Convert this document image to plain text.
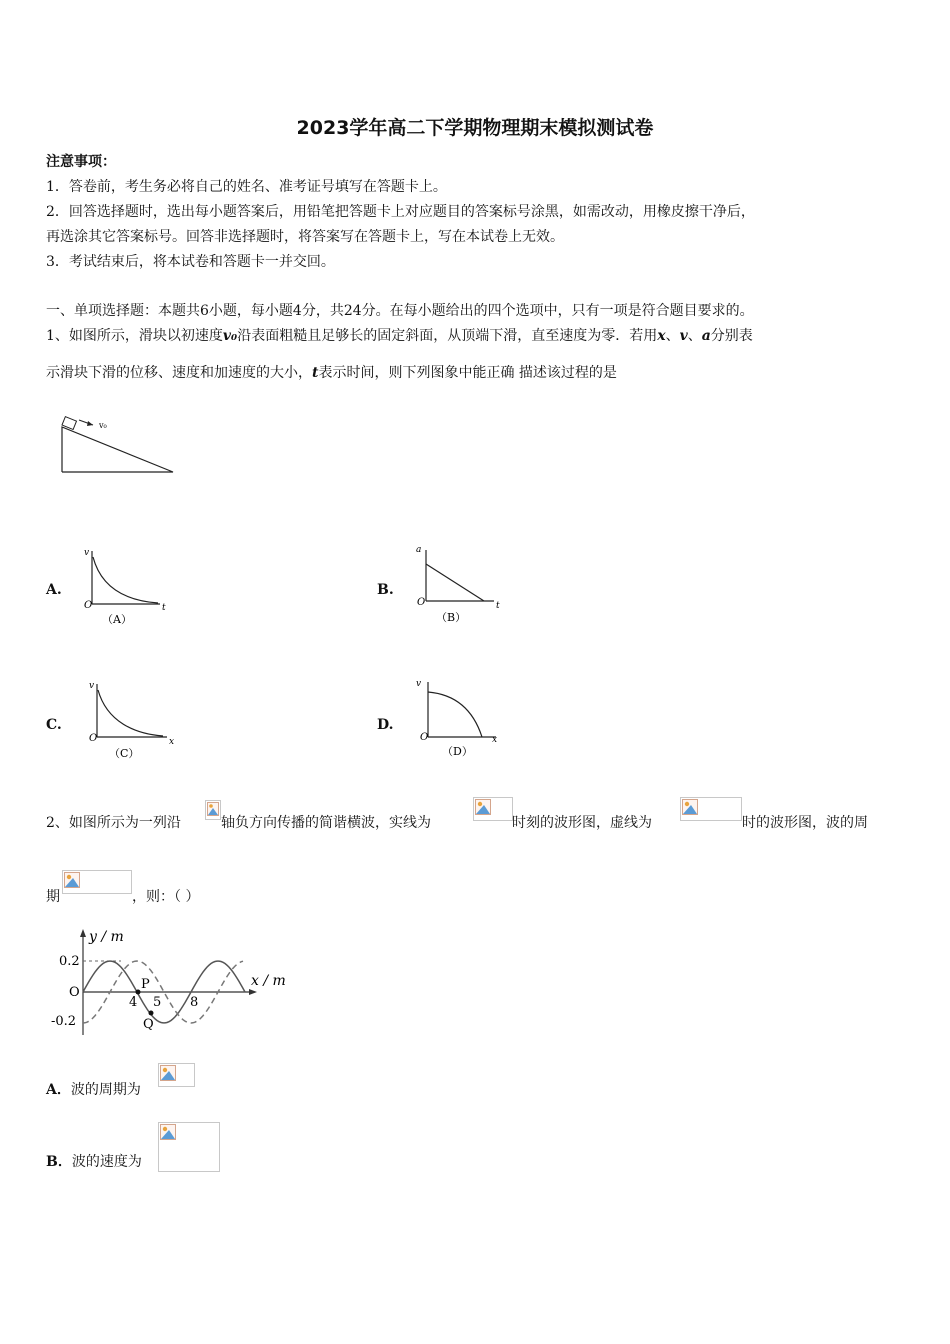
2023学年高二下学期物理期末模拟测试卷
注意事项：
1．答卷前，考生务必将自己的姓名、准考证号填写在答题卡上。
2．回答选择题时，选出每小题答案后，用铅笔把答题卡上对应题目的答案标号涂黑，如需改动，用橡皮擦干净后，
再选涂其它答案标号。回答非选择题时，将答案写在答题卡上，写在本试卷上无效。
3．考试结束后，将本试卷和答题卡一并交回。
一、单项选择题：本题共6小题，每小题4分，共24分。在每小题给出的四个选项中，只有一项是符合题目要求的。
1、如图所示，滑块以初速度v₀沿表面粗糙且足够长的固定斜面，从顶端下滑，直至速度为零．若用x、v、a分别表
示滑块下滑的位移、速度和加速度的大小，t表示时间，则下列图象中能正确 描述该过程的是
v₀
A.
v
t
O
（A）
B.
a
t
O
（B）
C.
v
x
O
（C）
D.
v
x
O
（D）
2、如图所示为一列沿	轴负方向传播的简谐横波，实线为	时刻的波形图，虚线为	时的波形图，波的周
期	，则：（ ）
y / m
x / m
0.2
O
-0.2
4 5 8
P
Q
A．波的周期为
B．波的速度为
